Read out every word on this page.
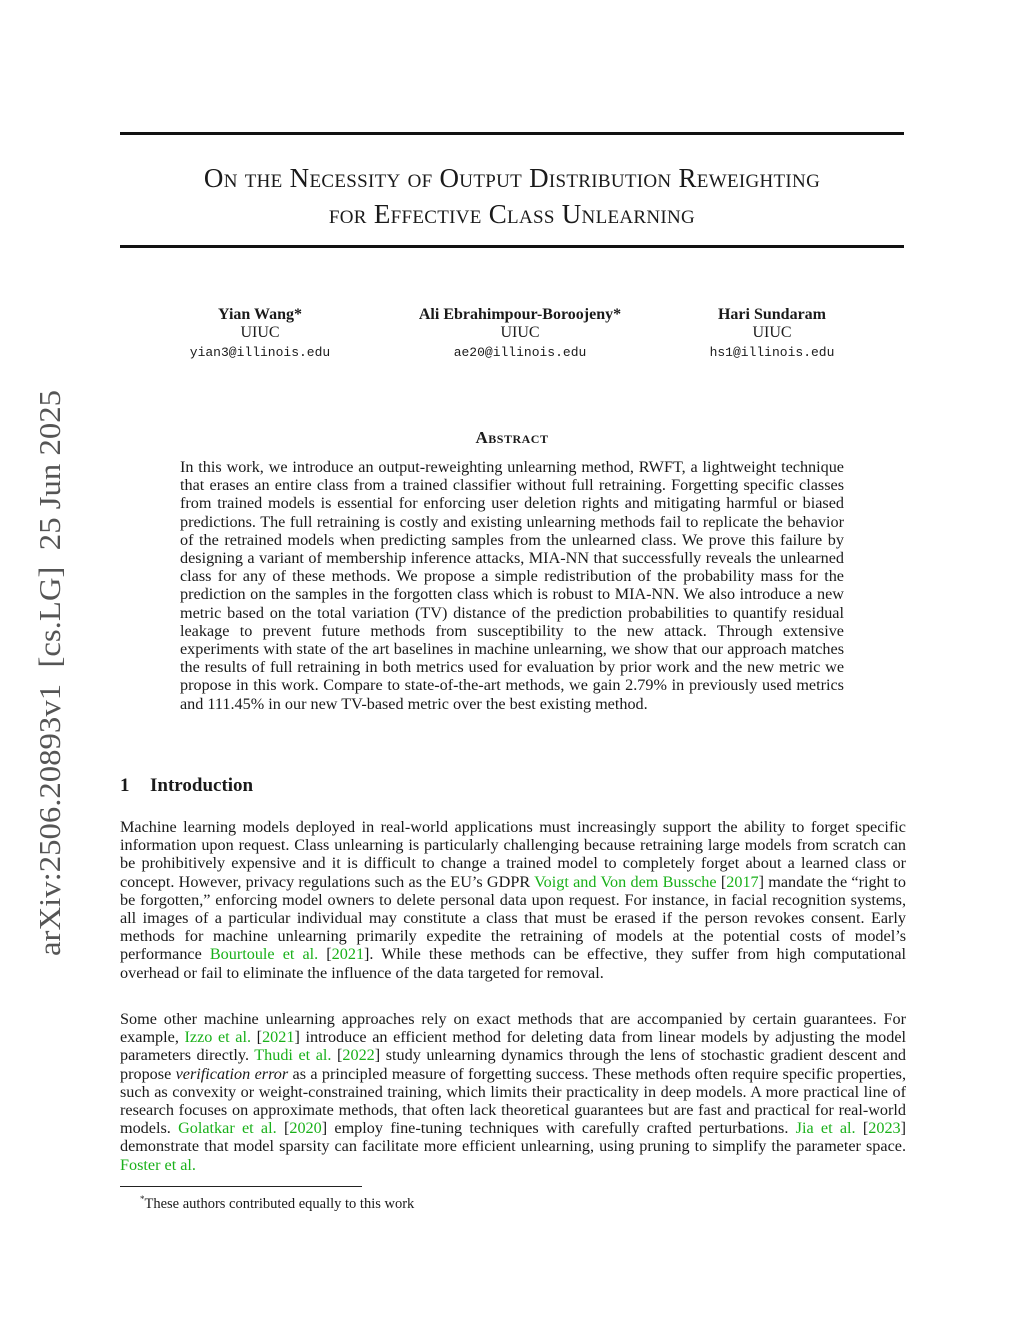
arXiv:2506.20893v1  [cs.LG]  25 Jun 2025
On the Necessity of Output Distribution Reweighting
for Effective Class Unlearning
Yian Wang*
UIUC
yian3@illinois.edu
Ali Ebrahimpour-Boroojeny*
UIUC
ae20@illinois.edu
Hari Sundaram
UIUC
hs1@illinois.edu
Abstract

In this work, we introduce an output-reweighting unlearning method, RWFT, a lightweight technique that erases an entire class from a trained classifier without full retraining. Forgetting specific classes from trained models is essential for enforcing user deletion rights and mitigating harmful or biased predictions. The full retraining is costly and existing unlearning methods fail to replicate the behavior of the retrained models when predicting samples from the unlearned class. We prove this failure by designing a variant of membership inference attacks, MIA-NN that successfully reveals the unlearned class for any of these methods. We propose a simple redistribution of the probability mass for the prediction on the samples in the forgotten class which is robust to MIA-NN. We also introduce a new metric based on the total variation (TV) distance of the prediction probabilities to quantify residual leakage to prevent future methods from susceptibility to the new attack. Through extensive experiments with state of the art baselines in machine unlearning, we show that our approach matches the results of full retraining in both metrics used for evaluation by prior work and the new metric we propose in this work. Compare to state-of-the-art methods, we gain 2.79% in previously used metrics and 111.45% in our new TV-based metric over the best existing method.

1 Introduction

Machine learning models deployed in real-world applications must increasingly support the ability to forget specific information upon request. Class unlearning is particularly challenging because retraining large models from scratch can be prohibitively expensive and it is difficult to change a trained model to completely forget about a learned class or concept. However, privacy regulations such as the EU’s GDPR Voigt and Von dem Bussche [2017] mandate the “right to be forgotten,” enforcing model owners to delete personal data upon request. For instance, in facial recognition systems, all images of a particular individual may constitute a class that must be erased if the person revokes consent. Early methods for machine unlearning primarily expedite the retraining of models at the potential costs of model’s performance Bourtoule et al. [2021]. While these methods can be effective, they suffer from high computational overhead or fail to eliminate the influence of the data targeted for removal.

Some other machine unlearning approaches rely on exact methods that are accompanied by certain guarantees. For example, Izzo et al. [2021] introduce an efficient method for deleting data from linear models by adjusting the model parameters directly. Thudi et al. [2022] study unlearning dynamics through the lens of stochastic gradient descent and propose verification error as a principled measure of forgetting success. These methods often require specific properties, such as convexity or weight-constrained training, which limits their practicality in deep models. A more practical line of research focuses on approximate methods, that often lack theoretical guarantees but are fast and practical for real-world models. Golatkar et al. [2020] employ fine-tuning techniques with carefully crafted perturbations. Jia et al. [2023] demonstrate that model sparsity can facilitate more efficient unlearning, using pruning to simplify the parameter space. Foster et al.

*These authors contributed equally to this work
